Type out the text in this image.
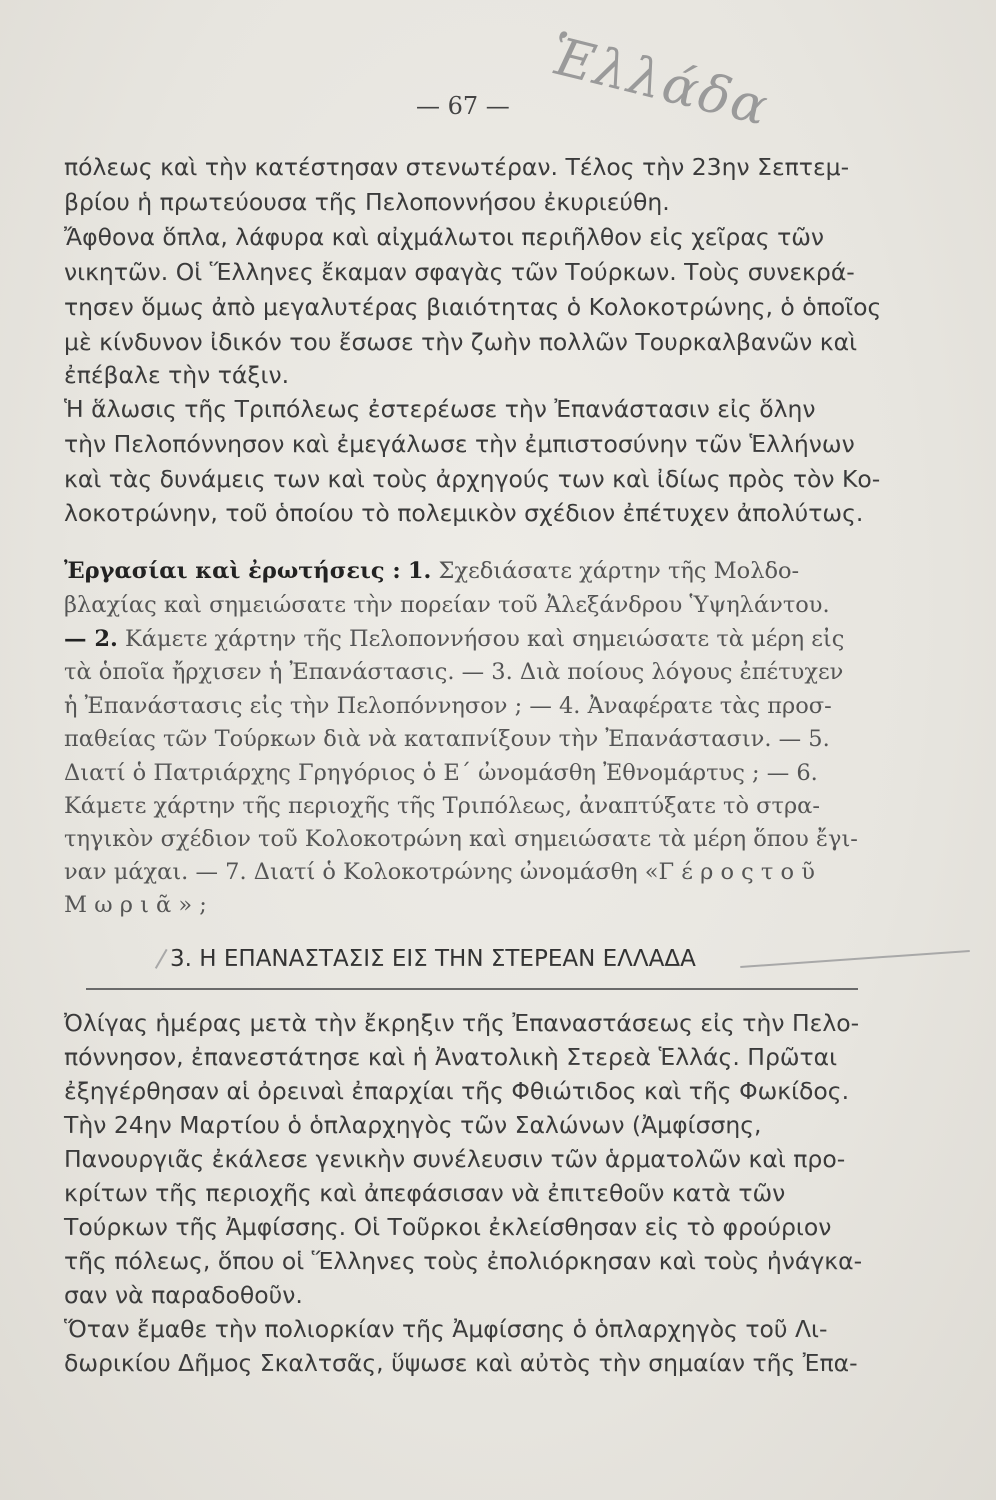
— 67 — Ἑλλάδα
πόλεως καὶ τὴν κατέστησαν στενωτέραν. Τέλος τὴν 23ην Σεπτεμ-
βρίου ἡ πρωτεύουσα τῆς Πελοποννήσου ἐκυριεύθη.
Ἄφθονα ὅπλα, λάφυρα καὶ αἰχμάλωτοι περιῆλθον εἰς χεῖρας τῶν
νικητῶν. Οἱ Ἕλληνες ἔκαμαν σφαγὰς τῶν Τούρκων. Τοὺς συνεκρά-
τησεν ὅμως ἀπὸ μεγαλυτέρας βιαιότητας ὁ Κολοκοτρώνης, ὁ ὁποῖος
μὲ κίνδυνον ἰδικόν του ἔσωσε τὴν ζωὴν πολλῶν Τουρκαλβανῶν καὶ
ἐπέβαλε τὴν τάξιν.
Ἡ ἅλωσις τῆς Τριπόλεως ἐστερέωσε τὴν Ἐπανάστασιν εἰς ὅλην
τὴν Πελοπόννησον καὶ ἐμεγάλωσε τὴν ἐμπιστοσύνην τῶν Ἑλλήνων
καὶ τὰς δυνάμεις των καὶ τοὺς ἀρχηγούς των καὶ ἰδίως πρὸς τὸν Κο-
λοκοτρώνην, τοῦ ὁποίου τὸ πολεμικὸν σχέδιον ἐπέτυχεν ἀπολύτως.
Ἐργασίαι καὶ ἐρωτήσεις : 1. Σχεδιάσατε χάρτην τῆς Μολδο-
βλαχίας καὶ σημειώσατε τὴν πορείαν τοῦ Ἀλεξάνδρου Ὑψηλάντου.
— 2. Κάμετε χάρτην τῆς Πελοποννήσου καὶ σημειώσατε τὰ μέρη εἰς
τὰ ὁποῖα ἤρχισεν ἡ Ἐπανάστασις. — 3. Διὰ ποίους λόγους ἐπέτυχεν
ἡ Ἐπανάστασις εἰς τὴν Πελοπόννησον ; — 4. Ἀναφέρατε τὰς προσ-
παθείας τῶν Τούρκων διὰ νὰ καταπνίξουν τὴν Ἐπανάστασιν. — 5.
Διατί ὁ Πατριάρχης Γρηγόριος ὁ Ε΄ ὠνομάσθη Ἐθνομάρτυς ; — 6.
Κάμετε χάρτην τῆς περιοχῆς τῆς Τριπόλεως, ἀναπτύξατε τὸ στρα-
τηγικὸν σχέδιον τοῦ Κολοκοτρώνη καὶ σημειώσατε τὰ μέρη ὅπου ἔγι-
ναν μάχαι. — 7. Διατί ὁ Κολοκοτρώνης ὠνομάσθη «Γ έ ρ ο ς τ ο ῦ
Μ ω ρ ι ᾶ » ;
3. Η ΕΠΑΝΑΣΤΑΣΙΣ ΕΙΣ ΤΗΝ ΣΤΕΡΕΑΝ ΕΛΛΑΔΑ
Ὀλίγας ἡμέρας μετὰ τὴν ἔκρηξιν τῆς Ἐπαναστάσεως εἰς τὴν Πελο-
πόννησον, ἐπανεστάτησε καὶ ἡ Ἀνατολικὴ Στερεὰ Ἑλλάς. Πρῶται
ἐξηγέρθησαν αἱ ὀρειναὶ ἐπαρχίαι τῆς Φθιώτιδος καὶ τῆς Φωκίδος.
Τὴν 24ην Μαρτίου ὁ ὁπλαρχηγὸς τῶν Σαλώνων (Ἀμφίσσης,
Πανουργιᾶς ἐκάλεσε γενικὴν συνέλευσιν τῶν ἁρματολῶν καὶ προ-
κρίτων τῆς περιοχῆς καὶ ἀπεφάσισαν νὰ ἐπιτεθοῦν κατὰ τῶν
Τούρκων τῆς Ἀμφίσσης. Οἱ Τοῦρκοι ἐκλείσθησαν εἰς τὸ φρούριον
τῆς πόλεως, ὅπου οἱ Ἕλληνες τοὺς ἐπολιόρκησαν καὶ τοὺς ἠνάγκα-
σαν νὰ παραδοθοῦν.
Ὅταν ἔμαθε τὴν πολιορκίαν τῆς Ἀμφίσσης ὁ ὁπλαρχηγὸς τοῦ Λι-
δωρικίου Δῆμος Σκαλτσᾶς, ὕψωσε καὶ αὐτὸς τὴν σημαίαν τῆς Ἐπα-
